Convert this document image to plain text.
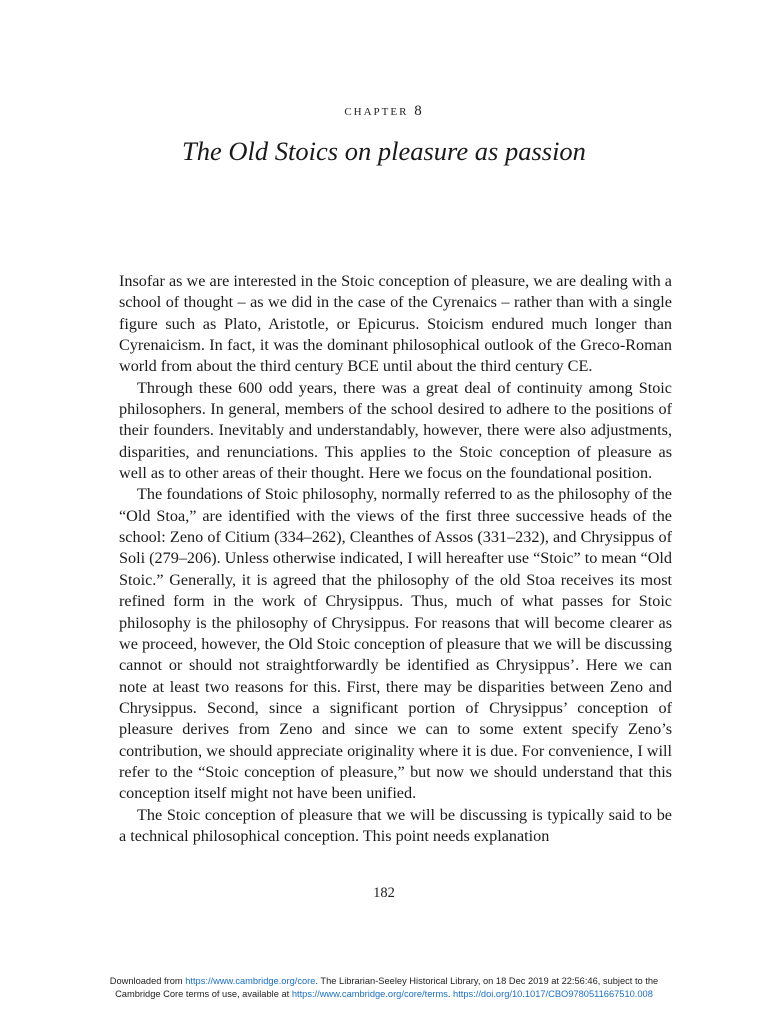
chapter 8
The Old Stoics on pleasure as passion

Insofar as we are interested in the Stoic conception of pleasure, we are dealing with a school of thought – as we did in the case of the Cyrenaics – rather than with a single figure such as Plato, Aristotle, or Epicurus. Stoicism endured much longer than Cyrenaicism. In fact, it was the dominant philosophical outlook of the Greco-Roman world from about the third century BCE until about the third century CE.

Through these 600 odd years, there was a great deal of continuity among Stoic philosophers. In general, members of the school desired to adhere to the positions of their founders. Inevitably and understandably, however, there were also adjustments, disparities, and renunciations. This applies to the Stoic conception of pleasure as well as to other areas of their thought. Here we focus on the foundational position.

The foundations of Stoic philosophy, normally referred to as the philosophy of the “Old Stoa,” are identified with the views of the first three successive heads of the school: Zeno of Citium (334–262), Cleanthes of Assos (331–232), and Chrysippus of Soli (279–206). Unless otherwise indicated, I will hereafter use “Stoic” to mean “Old Stoic.” Generally, it is agreed that the philosophy of the old Stoa receives its most refined form in the work of Chrysippus. Thus, much of what passes for Stoic philosophy is the philosophy of Chrysippus. For reasons that will become clearer as we proceed, however, the Old Stoic conception of pleasure that we will be discussing cannot or should not straightforwardly be identified as Chrysippus’. Here we can note at least two reasons for this. First, there may be disparities between Zeno and Chrysippus. Second, since a significant portion of Chrysippus’ conception of pleasure derives from Zeno and since we can to some extent specify Zeno’s contribution, we should appreciate originality where it is due. For convenience, I will refer to the “Stoic conception of pleasure,” but now we should understand that this conception itself might not have been unified.

The Stoic conception of pleasure that we will be discussing is typically said to be a technical philosophical conception. This point needs explanation

182
Downloaded from https://www.cambridge.org/core. The Librarian-Seeley Historical Library, on 18 Dec 2019 at 22:56:46, subject to the
Cambridge Core terms of use, available at https://www.cambridge.org/core/terms. https://doi.org/10.1017/CBO9780511667510.008
